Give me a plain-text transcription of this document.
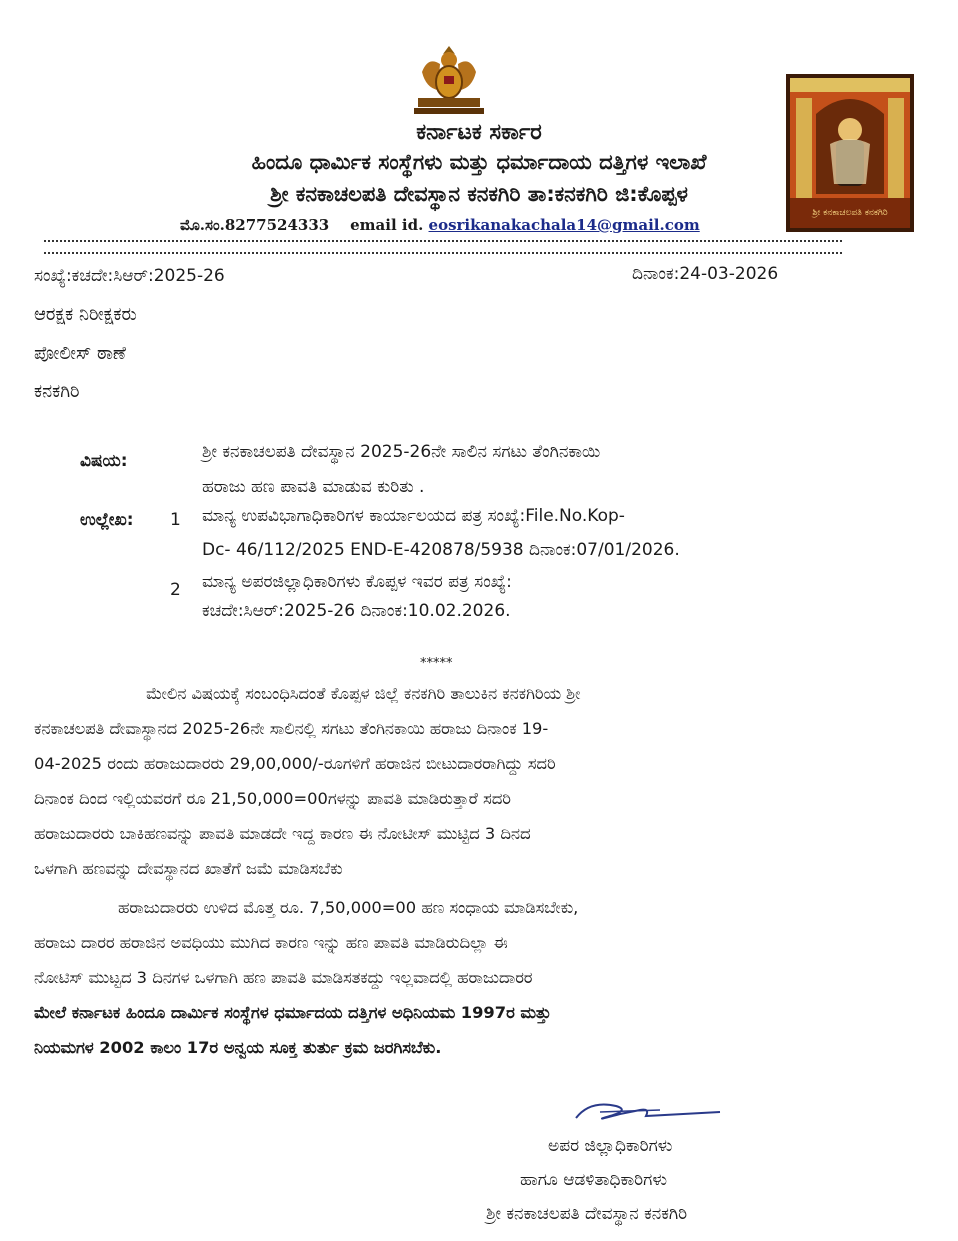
ಶ್ರೀ ಕನಕಾಚಲಪತಿ ಕನಕಗಿರಿ
ಕರ್ನಾಟಕ ಸರ್ಕಾರ
ಹಿಂದೂ ಧಾರ್ಮಿಕ ಸಂಸ್ಥೆಗಳು ಮತ್ತು ಧರ್ಮಾದಾಯ ದತ್ತಿಗಳ ಇಲಾಖೆ
ಶ್ರೀ ಕನಕಾಚಲಪತಿ ದೇವಸ್ಥಾನ ಕನಕಗಿರಿ ತಾ:ಕನಕಗಿರಿ ಜಿ:ಕೊಪ್ಪಳ
ಮೊ.ಸಂ.8277524333 email id. eosrikanakachala14@gmail.com
ಸಂಖ್ಯೆ:ಕಚದೇ:ಸಿಆರ್:2025-26	ದಿನಾಂಕ:24-03-2026
ಆರಕ್ಷಕ ನಿರೀಕ್ಷಕರು
ಪೋಲೀಸ್ ಠಾಣೆ
ಕನಕಗಿರಿ
ವಿಷಯ:	ಶ್ರೀ ಕನಕಾಚಲಪತಿ ದೇವಸ್ಥಾನ 2025-26ನೇ ಸಾಲಿನ ಸಗಟು ತೆಂಗಿನಕಾಯಿ
ಹರಾಜು ಹಣ ಪಾವತಿ ಮಾಡುವ ಕುರಿತು .
ಉಲ್ಲೇಖ: 1 ಮಾನ್ಯ ಉಪವಿಭಾಗಾಧಿಕಾರಿಗಳ ಕಾರ್ಯಾಲಯದ ಪತ್ರ ಸಂಖ್ಯೆ:File.No.Kop-
Dc- 46/112/2025 END-E-420878/5938 ದಿನಾಂಕ:07/01/2026.
2 ಮಾನ್ಯ ಅಪರಜಿಲ್ಲಾಧಿಕಾರಿಗಳು ಕೊಪ್ಪಳ ಇವರ ಪತ್ರ ಸಂಖ್ಯೆ:
ಕಚದೇ:ಸಿಆರ್:2025-26 ದಿನಾಂಕ:10.02.2026.
*****
ಮೇಲಿನ ವಿಷಯಕ್ಕೆ ಸಂಬಂಧಿಸಿದಂತೆ ಕೊಪ್ಪಳ ಜಿಲ್ಲೆ ಕನಕಗಿರಿ ತಾಲುಕಿನ ಕನಕಗಿರಿಯ ಶ್ರೀ
ಕನಕಾಚಲಪತಿ ದೇವಾಸ್ಥಾನದ 2025-26ನೇ ಸಾಲಿನಲ್ಲಿ ಸಗಟು ತೆಂಗಿನಕಾಯಿ ಹರಾಜು ದಿನಾಂಕ 19-
04-2025 ರಂದು ಹರಾಜುದಾರರು 29,00,000/-ರೂಗಳಿಗೆ ಹರಾಜಿನ ಬೀಟುದಾರರಾಗಿದ್ದು ಸದರಿ
ದಿನಾಂಕ ದಿಂದ ಇಲ್ಲಿಯವರಗೆ ರೂ 21,50,000=00ಗಳನ್ನು ಪಾವತಿ ಮಾಡಿರುತ್ತಾರೆ ಸದರಿ
ಹರಾಜುದಾರರು ಬಾಕಿಹಣವನ್ನು ಪಾವತಿ ಮಾಡದೇ ಇದ್ದ ಕಾರಣ ಈ ನೋಟೀಸ್ ಮುಟ್ಟಿದ 3 ದಿನದ
ಒಳಗಾಗಿ ಹಣವನ್ನು ದೇವಸ್ಥಾನದ ಖಾತೆಗೆ ಜಮೆ ಮಾಡಿಸಬೆಕು
ಹರಾಜುದಾರರು ಉಳಿದ ಮೊತ್ತ ರೂ. 7,50,000=00 ಹಣ ಸಂಧಾಯ ಮಾಡಿಸಬೇಕು,
ಹರಾಜು ದಾರರ ಹರಾಜಿನ ಅವಧಿಯು ಮುಗಿದ ಕಾರಣ ಇನ್ನು ಹಣ ಪಾವತಿ ಮಾಡಿರುದಿಲ್ಲಾ ಈ
ನೋಟಿಸ್ ಮುಟ್ಟದ 3 ದಿನಗಳ ಒಳಗಾಗಿ ಹಣ ಪಾವತಿ ಮಾಡಿಸತಕದ್ದು ಇಲ್ಲವಾದಲ್ಲಿ ಹರಾಜುದಾರರ
ಮೇಲೆ ಕರ್ನಾಟಕ ಹಿಂದೂ ದಾರ್ಮಿಕ ಸಂಸ್ಥೆಗಳ ಧರ್ಮಾದಯ ದತ್ತಿಗಳ ಅಧಿನಿಯಮ 1997ರ ಮತ್ತು
ನಿಯಮಗಳ 2002 ಕಾಲಂ 17ರ ಅನ್ವಯ ಸೂಕ್ತ ತುರ್ತು ಕ್ರಮ ಜರಗಿಸಬೆಕು.
ಅಪರ ಜಿಲ್ಲಾಧಿಕಾರಿಗಳು
ಹಾಗೂ ಆಡಳಿತಾಧಿಕಾರಿಗಳು
ಶ್ರೀ ಕನಕಾಚಲಪತಿ ದೇವಸ್ಥಾನ ಕನಕಗಿರಿ
